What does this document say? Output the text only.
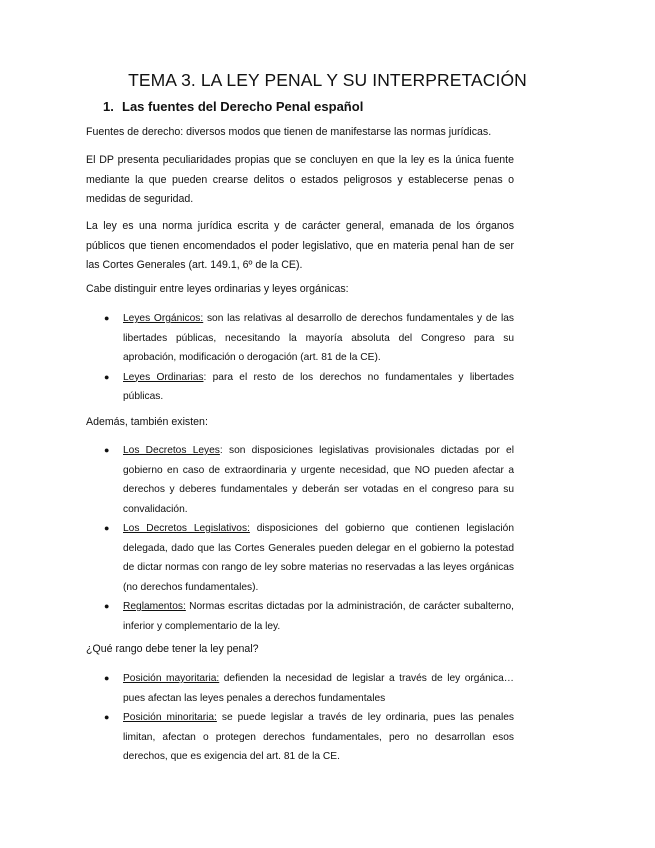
TEMA 3. LA LEY PENAL Y SU INTERPRETACIÓN
1. Las fuentes del Derecho Penal español
Fuentes de derecho: diversos modos que tienen de manifestarse las normas jurídicas.
El DP presenta peculiaridades propias que se concluyen en que la ley es la única fuente mediante la que pueden crearse delitos o estados peligrosos y establecerse penas o medidas de seguridad.
La ley es una norma jurídica escrita y de carácter general, emanada de los órganos públicos que tienen encomendados el poder legislativo, que en materia penal han de ser las Cortes Generales (art. 149.1, 6º de la CE).
Cabe distinguir entre leyes ordinarias y leyes orgánicas:
● Leyes Orgánicos: son las relativas al desarrollo de derechos fundamentales y de las libertades públicas, necesitando la mayoría absoluta del Congreso para su aprobación, modificación o derogación (art. 81 de la CE).
● Leyes Ordinarias: para el resto de los derechos no fundamentales y libertades públicas.
Además, también existen:
● Los Decretos Leyes: son disposiciones legislativas provisionales dictadas por el gobierno en caso de extraordinaria y urgente necesidad, que NO pueden afectar a derechos y deberes fundamentales y deberán ser votadas en el congreso para su convalidación.
● Los Decretos Legislativos: disposiciones del gobierno que contienen legislación delegada, dado que las Cortes Generales pueden delegar en el gobierno la potestad de dictar normas con rango de ley sobre materias no reservadas a las leyes orgánicas (no derechos fundamentales).
● Reglamentos: Normas escritas dictadas por la administración, de carácter subalterno, inferior y complementario de la ley.
¿Qué rango debe tener la ley penal?
● Posición mayoritaria: defienden la necesidad de legislar a través de ley orgánica… pues afectan las leyes penales a derechos fundamentales
● Posición minoritaria: se puede legislar a través de ley ordinaria, pues las penales limitan, afectan o protegen derechos fundamentales, pero no desarrollan esos derechos, que es exigencia del art. 81 de la CE.
